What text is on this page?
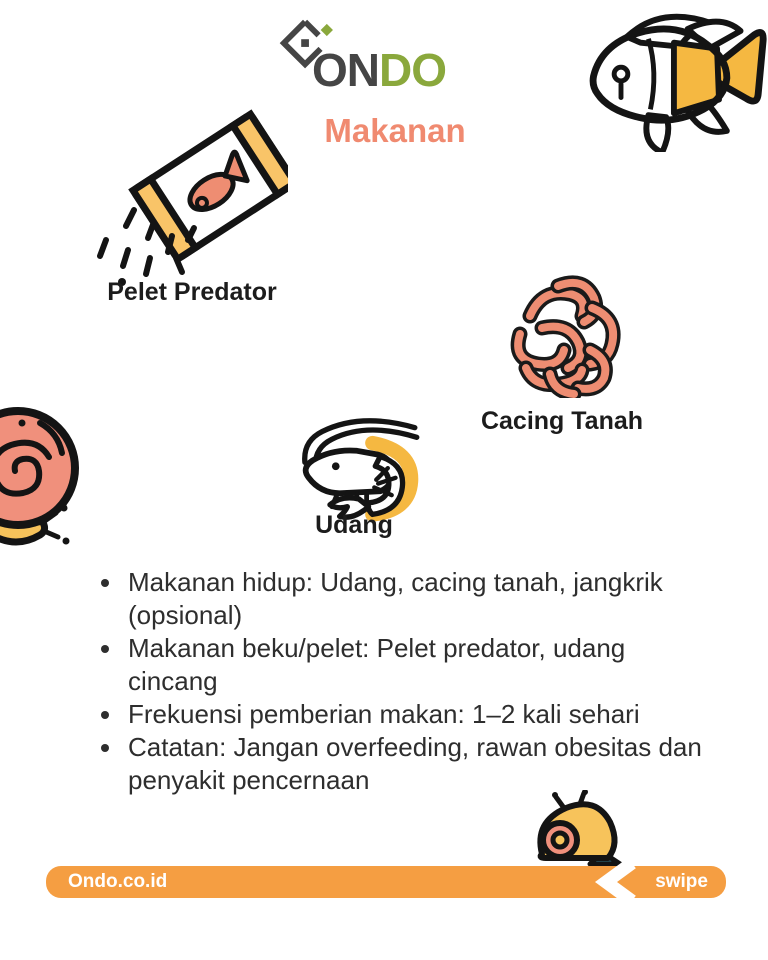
ONDO
Makanan
Pelet Predator
Cacing Tanah
Udang
• Makanan hidup: Udang, cacing tanah, jangkrik (opsional)
• Makanan beku/pelet: Pelet predator, udang cincang
• Frekuensi pemberian makan: 1–2 kali sehari
• Catatan: Jangan overfeeding, rawan obesitas dan penyakit pencernaan
Ondo.co.id	swipe
